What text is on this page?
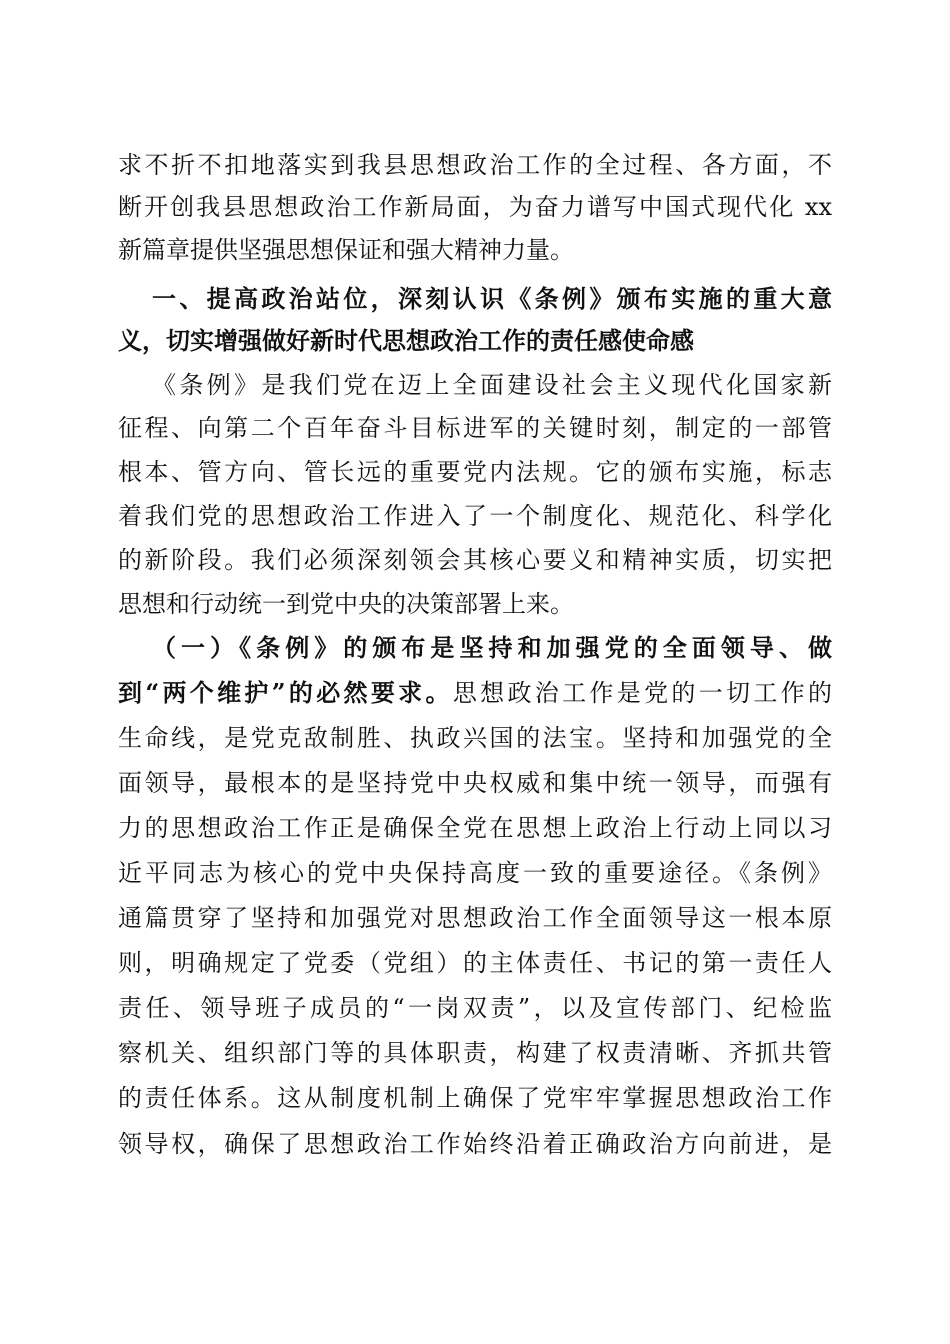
求不折不扣地落实到我县思想政治工作的全过程、各方面，不
断开创我县思想政治工作新局面，为奋力谱写中国式现代化 xx
新篇章提供坚强思想保证和强大精神力量。
一、提高政治站位，深刻认识《条例》颁布实施的重大意
义，切实增强做好新时代思想政治工作的责任感使命感
《条例》是我们党在迈上全面建设社会主义现代化国家新
征程、向第二个百年奋斗目标进军的关键时刻，制定的一部管
根本、管方向、管长远的重要党内法规。它的颁布实施，标志
着我们党的思想政治工作进入了一个制度化、规范化、科学化
的新阶段。我们必须深刻领会其核心要义和精神实质，切实把
思想和行动统一到党中央的决策部署上来。
（一）《条例》的颁布是坚持和加强党的全面领导、做
到“两个维护”的必然要求。思想政治工作是党的一切工作的
生命线，是党克敌制胜、执政兴国的法宝。坚持和加强党的全
面领导，最根本的是坚持党中央权威和集中统一领导，而强有
力的思想政治工作正是确保全党在思想上政治上行动上同以习
近平同志为核心的党中央保持高度一致的重要途径。《条例》
通篇贯穿了坚持和加强党对思想政治工作全面领导这一根本原
则，明确规定了党委（党组）的主体责任、书记的第一责任人
责任、领导班子成员的“一岗双责”，以及宣传部门、纪检监
察机关、组织部门等的具体职责，构建了权责清晰、齐抓共管
的责任体系。这从制度机制上确保了党牢牢掌握思想政治工作
领导权，确保了思想政治工作始终沿着正确政治方向前进，是
